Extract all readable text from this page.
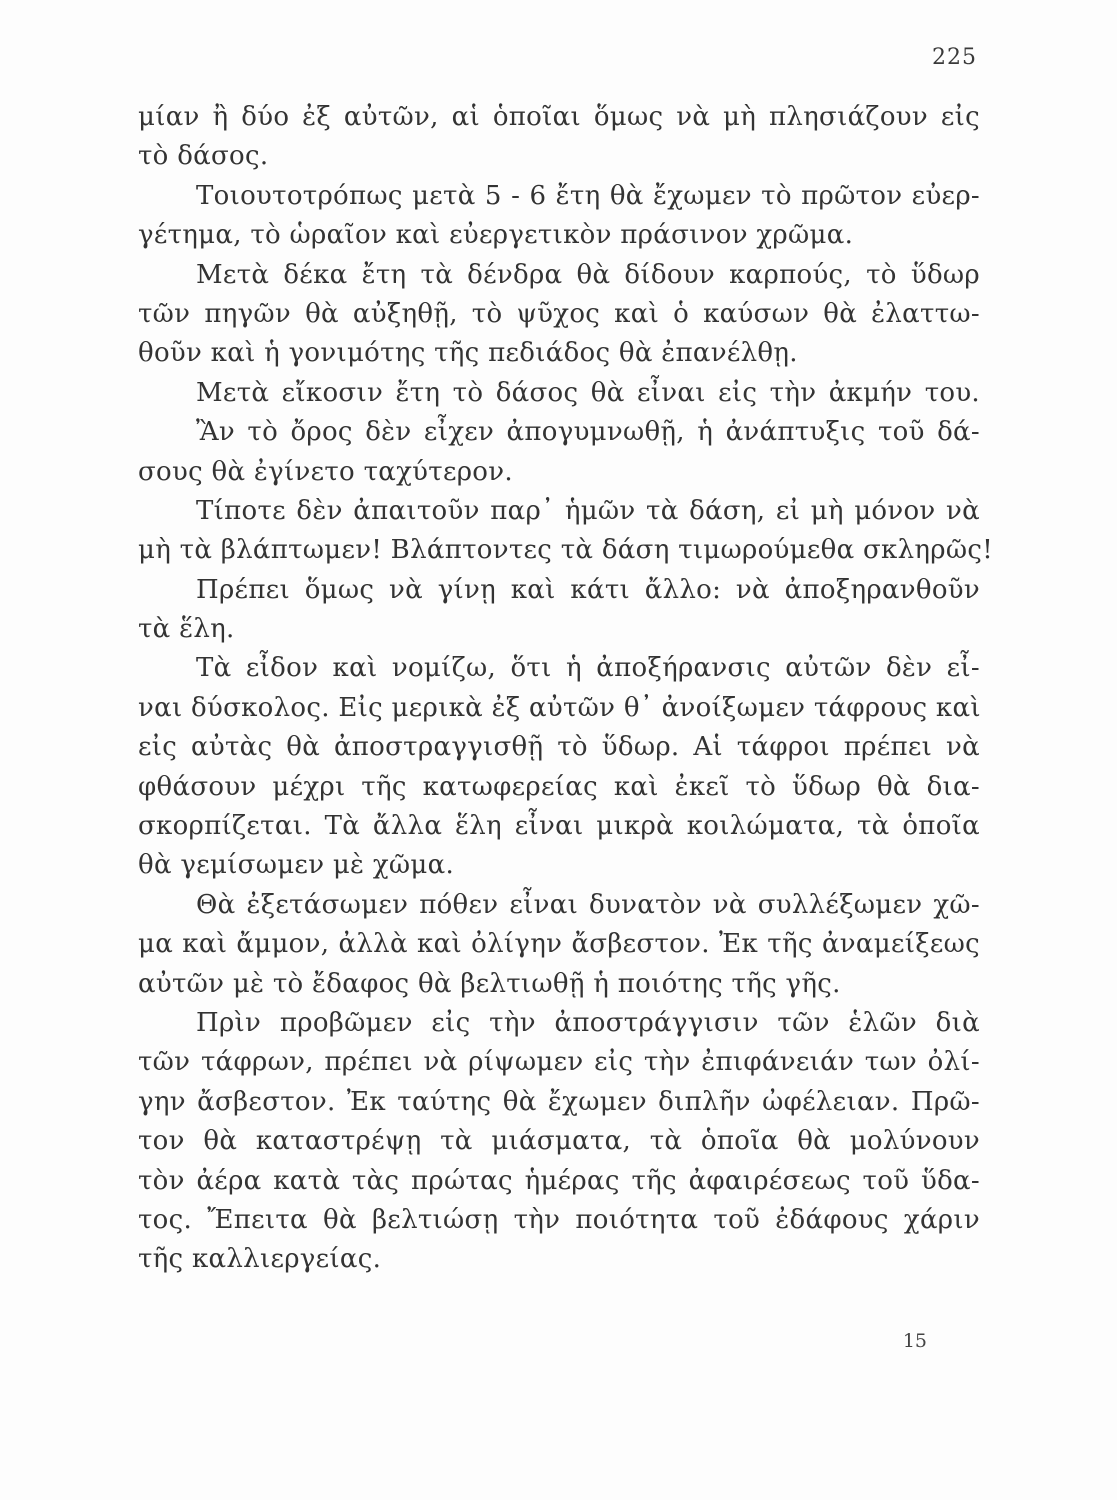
225
μίαν ἢ δύο ἐξ αὐτῶν, αἱ ὁποῖαι ὅμως νὰ μὴ πλησιάζουν εἰς
τὸ δάσος.
Τοιουτοτρόπως μετὰ 5 - 6 ἔτη θὰ ἔχωμεν τὸ πρῶτον εὐερ-
γέτημα, τὸ ὡραῖον καὶ εὐεργετικὸν πράσινον χρῶμα.
Μετὰ δέκα ἔτη τὰ δένδρα θὰ δίδουν καρπούς, τὸ ὕδωρ
τῶν πηγῶν θὰ αὐξηθῇ, τὸ ψῦχος καὶ ὁ καύσων θὰ ἐλαττω-
θοῦν καὶ ἡ γονιμότης τῆς πεδιάδος θὰ ἐπανέλθῃ.
Μετὰ εἴκοσιν ἔτη τὸ δάσος θὰ εἶναι εἰς τὴν ἀκμήν του.
Ἂν τὸ ὄρος δὲν εἶχεν ἀπογυμνωθῇ, ἡ ἀνάπτυξις τοῦ δά-
σους θὰ ἐγίνετο ταχύτερον.
Τίποτε δὲν ἀπαιτοῦν παρ᾽ ἡμῶν τὰ δάση, εἰ μὴ μόνον νὰ
μὴ τὰ βλάπτωμεν! Βλάπτοντες τὰ δάση τιμωρούμεθα σκληρῶς!
Πρέπει ὅμως νὰ γίνῃ καὶ κάτι ἄλλο: νὰ ἀποξηρανθοῦν
τὰ ἕλη.
Τὰ εἶδον καὶ νομίζω, ὅτι ἡ ἀποξήρανσις αὐτῶν δὲν εἶ-
ναι δύσκολος. Εἰς μερικὰ ἐξ αὐτῶν θ᾽ ἀνοίξωμεν τάφρους καὶ
εἰς αὐτὰς θὰ ἀποστραγγισθῇ τὸ ὕδωρ. Αἱ τάφροι πρέπει νὰ
φθάσουν μέχρι τῆς κατωφερείας καὶ ἐκεῖ τὸ ὕδωρ θὰ δια-
σκορπίζεται. Τὰ ἄλλα ἕλη εἶναι μικρὰ κοιλώματα, τὰ ὁποῖα
θὰ γεμίσωμεν μὲ χῶμα.
Θὰ ἐξετάσωμεν πόθεν εἶναι δυνατὸν νὰ συλλέξωμεν χῶ-
μα καὶ ἄμμον, ἀλλὰ καὶ ὀλίγην ἄσβεστον. Ἐκ τῆς ἀναμείξεως
αὐτῶν μὲ τὸ ἔδαφος θὰ βελτιωθῇ ἡ ποιότης τῆς γῆς.
Πρὶν προβῶμεν εἰς τὴν ἀποστράγγισιν τῶν ἑλῶν διὰ
τῶν τάφρων, πρέπει νὰ ρίψωμεν εἰς τὴν ἐπιφάνειάν των ὀλί-
γην ἄσβεστον. Ἐκ ταύτης θὰ ἔχωμεν διπλῆν ὠφέλειαν. Πρῶ-
τον θὰ καταστρέψῃ τὰ μιάσματα, τὰ ὁποῖα θὰ μολύνουν
τὸν ἀέρα κατὰ τὰς πρώτας ἡμέρας τῆς ἀφαιρέσεως τοῦ ὕδα-
τος. Ἔπειτα θὰ βελτιώσῃ τὴν ποιότητα τοῦ ἐδάφους χάριν
τῆς καλλιεργείας.
15
